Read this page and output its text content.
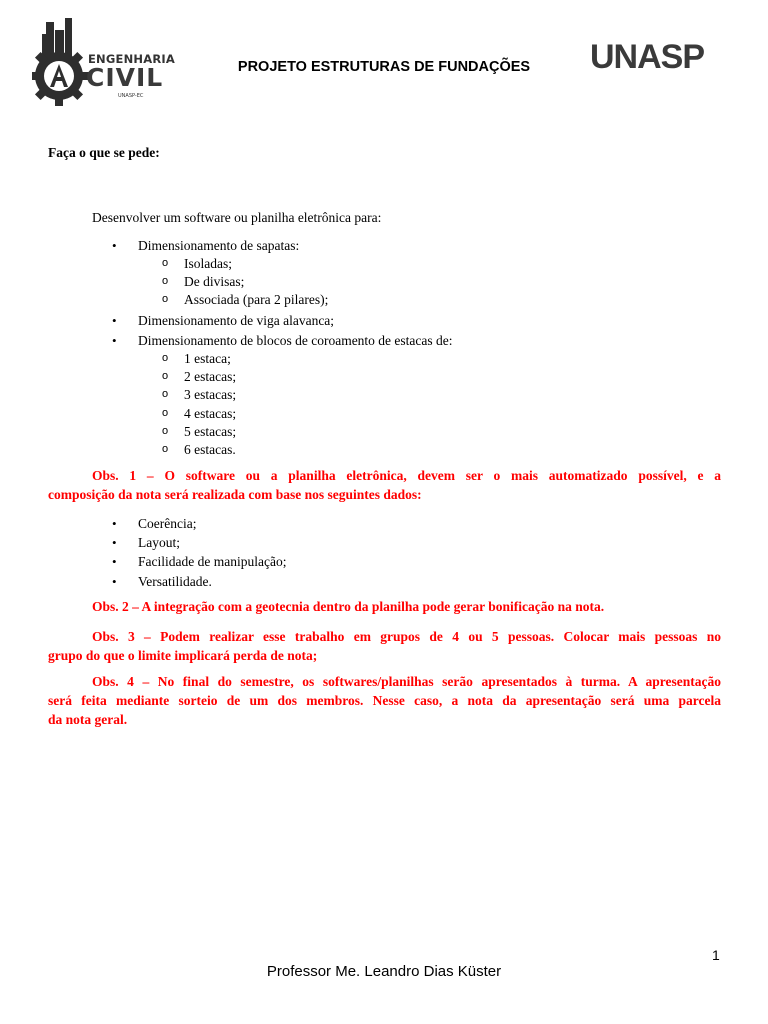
ENGENHARIA
CIVIL
UNASP-EC
PROJETO ESTRUTURAS DE FUNDAÇÕES	UNASP
Faça o que se pede:
Desenvolver um software ou planilha eletrônica para:
• Dimensionamento de sapatas:
o Isoladas;
o De divisas;
o Associada (para 2 pilares);
• Dimensionamento de viga alavanca;
• Dimensionamento de blocos de coroamento de estacas de:
o 1 estaca;
o 2 estacas;
o 3 estacas;
o 4 estacas;
o 5 estacas;
o 6 estacas.
Obs. 1 – O software ou a planilha eletrônica, devem ser o mais automatizado possível, e a
composição da nota será realizada com base nos seguintes dados:
• Coerência;
• Layout;
• Facilidade de manipulação;
• Versatilidade.
Obs. 2 – A integração com a geotecnia dentro da planilha pode gerar bonificação na nota.
Obs. 3 – Podem realizar esse trabalho em grupos de 4 ou 5 pessoas. Colocar mais pessoas no
grupo do que o limite implicará perda de nota;
Obs. 4 – No final do semestre, os softwares/planilhas serão apresentados à turma. A apresentação
será feita mediante sorteio de um dos membros. Nesse caso, a nota da apresentação será uma parcela
da nota geral.
1
Professor Me. Leandro Dias Küster
